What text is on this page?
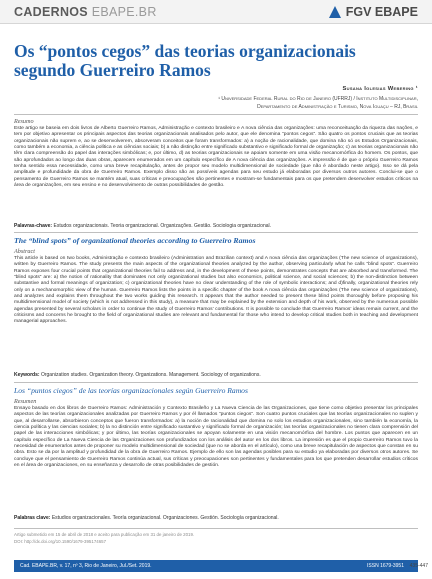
CADERNOS EBAPE.BR	FGV EBAPE
Os “pontos cegos” das teorias organizacionais segundo Guerreiro Ramos
Susana Iglesias Webering ¹
¹ Universidade Federal Rural do Rio de Janeiro (UFRRJ) / Instituto Multidisciplinar,
Departamento de Administração e Turismo, Nova Iguaçu – RJ, Brasil
Resumo

Este artigo se baseia em dois livros de Alberto Guerreiro Ramos, Administração e contexto brasileiro e A nova ciência das organizações: uma reconceituação da riqueza das nações, e tem por objetivo apresentar os principais aspectos das teorias organizacionais analisados pelo autor, que ele denomina “pontos cegos”. São quatro os pontos cruciais que as teorias organizacionais não suprem e, ao se desenvolverem, absorveram conceitos que foram transformados: a) a noção de racionalidade, que domina não só os Estudos Organizacionais, como também a economia, a ciência política e as ciências sociais; b) a não distinção entre significado substantivo e significado formal de organização; c) as teorias organizacionais não têm clara compreensão do papel das interações simbólicas; e, por último, d) as teorias organizacionais se apoiam somente em uma visão mecanomórfica do homem. Os pontos, que são aprofundados ao longo das duas obras, aparecem enumerados em um capítulo específico de A nova ciência das organizações. A impressão é de que o próprio Guerreiro Ramos tenha sentido essa necessidade, como uma breve recapitulação, antes de propor seu modelo multidimensional de sociedade (que não é abordado neste artigo). Isso se dá pela amplitude e profundidade da obra de Guerreiro Ramos. Exemplo disso são as possíveis agendas para seu estudo já elaboradas por diversos outros autores. Conclui-se que o pensamento de Guerreiro Ramos se mantém atual, suas críticas e preocupações são pertinentes e mostram-se fundamentais para os que pretendem desenvolver estudos críticos na área de organizações, em seu ensino e no desenvolvimento de outras possibilidades de gestão.

Palavras-chave: Estudos organizacionais. Teoria organizacional. Organizações. Gestão. Sociologia organizacional.
The “blind spots” of organizational theories according to Guerreiro Ramos
Abstract

This article is based on two books, Administração e contexto brasileiro (Administration and Brazilian context) and A nova ciência das organizações (The new science of organizations), written by Guerreiro Ramos. The study presents the main aspects of the organizational theories analyzed by the author, observing particularly what he calls “blind spots”. Guerreiro Ramos exposes four crucial points that organizational theories fail to address and, in the development of these points, demonstrates concepts that are absorbed and transformed. The “blind spots” are: a) the notion of rationality that dominates not only organizational studies but also economics, political science, and social sciences; b) the non-distinction between substantive and formal meanings of organization; c) organizational theories have no clear understanding of the role of symbolic interactions; and d)finally, organizational theories rely only on a mechanomorphic view of the human. Guerreiro Ramos lists the points in a specific chapter of the book A nova ciência das organizações (The new science of organizations), and analyzes and explains them throughout the two works guiding this research. It appears that the author needed to present these blind points thoroughly before proposing his multidimensional model of society (which is not addressed in this study), a measure that may be explained by the extension and depth of his work, observed by the numerous possible agendas presented by several scholars in order to continue the study of Guerreiro Ramos’ contributions. It is possible to conclude that Guerreiro Ramos’ ideas remain current, and the criticisms and concerns he brought to the field of organizational studies are relevant and fundamental for those who intend to develop critical studies both in teaching and development managerial approaches.

Keywords: Organization studies. Organization theory. Organizations. Management. Sociology of organizations.
Los “puntos ciegos” de las teorías organizacionales según Guerreiro Ramos
Resumen

Ensayo basado en dos libros de Guerreiro Ramos: Administración y Contexto Brasileño y La Nueva Ciencia de las Organizaciones, que tiene como objetivo presentar los principales aspectos de las teorías organizacionales analizadas por Guerreiro Ramos y por él llamados “puntos ciegos”. Son cuatro puntos cruciales que las teorías organizacionales no suplen y que, al desarrollarse, absorbieron conceptos que fueron transformados: a) la noción de racionalidad que domina no solo los estudios organizacionales, sino también la economía, la ciencia política y las ciencias sociales; b) la no distinción entre significado sustantivo y significado formal de organización; las teorías organizacionales no tienen clara comprensión del papel de las interacciones simbólicas; y por último, las teorías organizacionales se apoyan solamente en una visión mecanomórfica del hombre. Los puntos que aparecen en un capítulo específico de La Nueva Ciencia de las Organizaciones son profundizados con los análisis del autor en los dos libros. La impresión es que el propio Guerreiro Ramos tuvo la necesidad de enumerarlos antes de proponer su modelo multidimensional de sociedad (que no se aborda en el artículo), como una breve recapitulación de aspectos que constan en su obra. Esto se da por la amplitud y profundidad de la obra de Guerreiro Ramos. Ejemplo de ello son las agendas posibles para su estudio ya elaboradas por diversos otros autores. Se concluye que el pensamiento de Guerreiro Ramos continúa actual, sus críticas y preocupaciones son pertinentes y fundamentales para los que pretenden desarrollar estudios críticos en el área de organizaciones, en su enseñanza y desarrollo de otras posibilidades de gestión.

Palabras clave: Estudios organizacionales. Teoría organizacional. Organizaciones. Gestión. Sociología organizacional.
Artigo submetido em 15 de abril de 2018 e aceito para publicação em 31 de janeiro de 2019.
DOI: http://dx.doi.org/10.1590/1679-395174657
Cad. EBAPE.BR, v. 17, nº 3, Rio de Janeiro, Jul./Set. 2019.	ISSN 1679-3951	435-447
